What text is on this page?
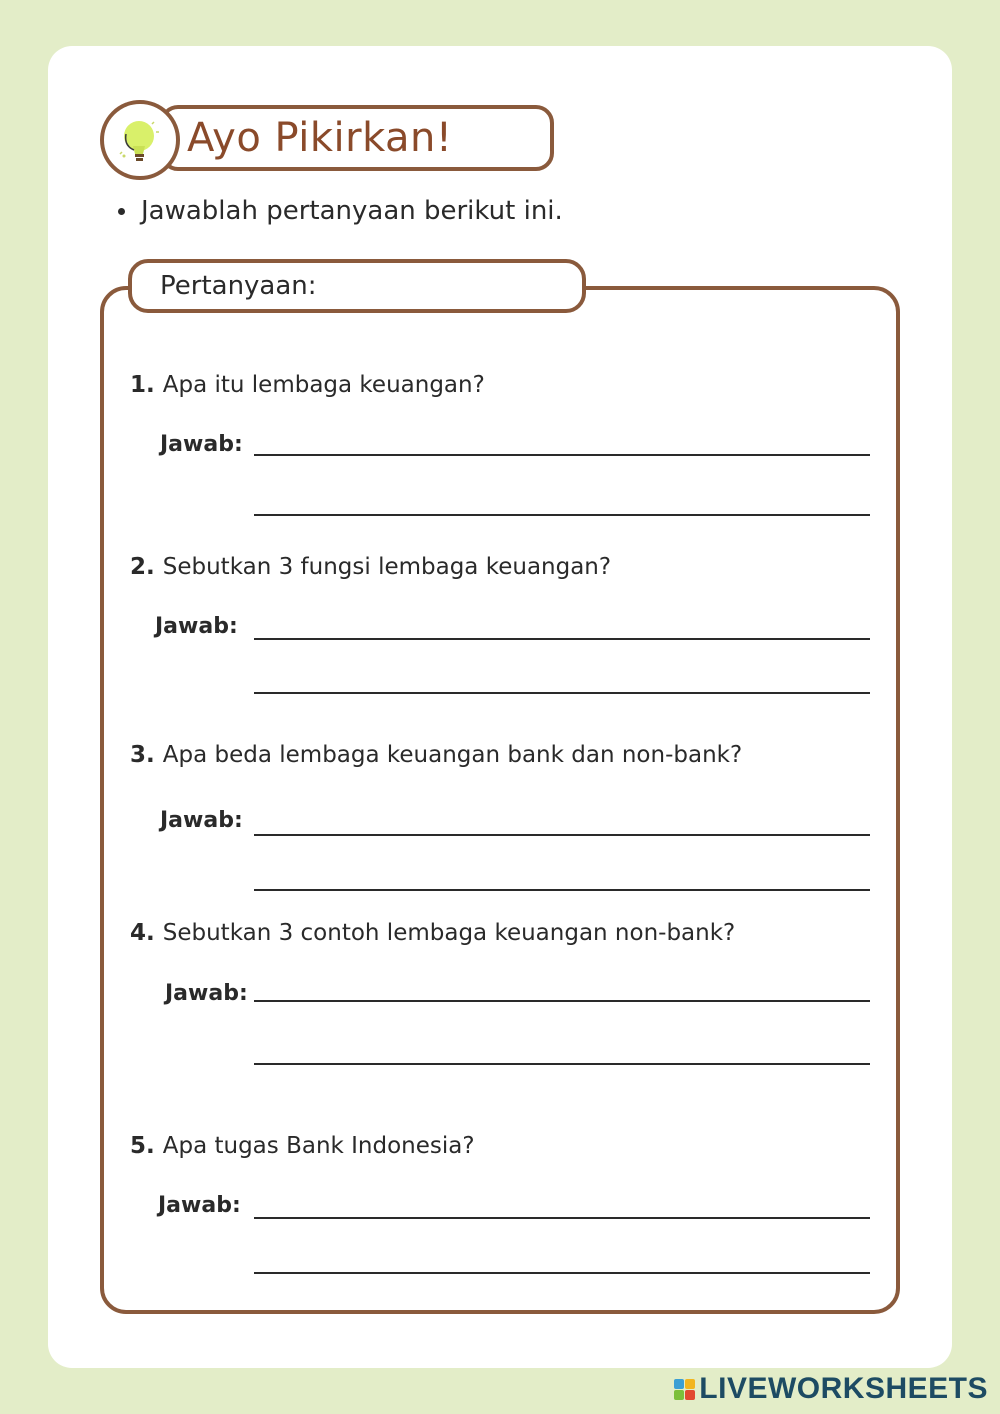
Ayo Pikirkan!
Jawablah pertanyaan berikut ini.
Pertanyaan:
1. Apa itu lembaga keuangan?
Jawab:
2. Sebutkan 3 fungsi lembaga keuangan?
Jawab:
3. Apa beda lembaga keuangan bank dan non-bank?
Jawab:
4. Sebutkan 3 contoh lembaga keuangan non-bank?
Jawab:
5. Apa tugas Bank Indonesia?
Jawab:
LIVEWORKSHEETS
